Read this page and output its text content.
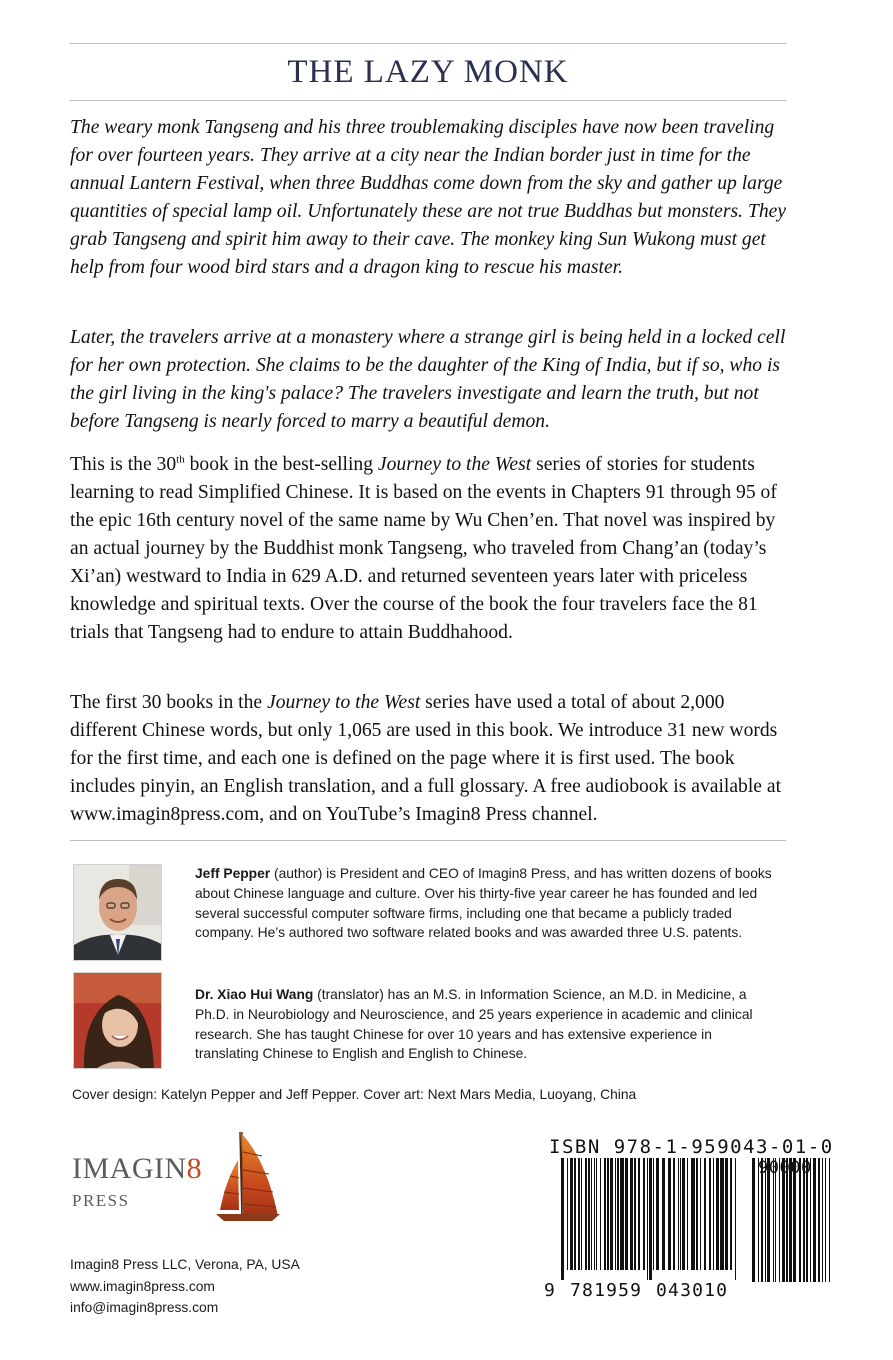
THE LAZY MONK

The weary monk Tangseng and his three troublemaking disciples have now been traveling for over fourteen years. They arrive at a city near the Indian border just in time for the annual Lantern Festival, when three Buddhas come down from the sky and gather up large quantities of special lamp oil. Unfortunately these are not true Buddhas but monsters. They grab Tangseng and spirit him away to their cave. The monkey king Sun Wukong must get help from four wood bird stars and a dragon king to rescue his master.

Later, the travelers arrive at a monastery where a strange girl is being held in a locked cell for her own protection. She claims to be the daughter of the King of India, but if so, who is the girl living in the king's palace? The travelers investigate and learn the truth, but not before Tangseng is nearly forced to marry a beautiful demon.

This is the 30th book in the best-selling Journey to the West series of stories for students learning to read Simplified Chinese. It is based on the events in Chapters 91 through 95 of the epic 16th century novel of the same name by Wu Chen’en. That novel was inspired by an actual journey by the Buddhist monk Tangseng, who traveled from Chang’an (today’s Xi’an) westward to India in 629 A.D. and returned seventeen years later with priceless knowledge and spiritual texts. Over the course of the book the four travelers face the 81 trials that Tangseng had to endure to attain Buddhahood.

The first 30 books in the Journey to the West series have used a total of about 2,000 different Chinese words, but only 1,065 are used in this book. We introduce 31 new words for the first time, and each one is defined on the page where it is first used. The book includes pinyin, an English translation, and a full glossary. A free audiobook is available at www.imagin8press.com, and on YouTube’s Imagin8 Press channel.

Jeff Pepper (author) is President and CEO of Imagin8 Press, and has written dozens of books about Chinese language and culture. Over his thirty-five year career he has founded and led several successful computer software firms, including one that became a publicly traded company. He’s authored two software related books and was awarded three U.S. patents.

Dr. Xiao Hui Wang (translator) has an M.S. in Information Science, an M.D. in Medicine, a Ph.D. in Neurobiology and Neuroscience, and 25 years experience in academic and clinical research. She has taught Chinese for over 10 years and has extensive experience in translating Chinese to English and English to Chinese.

Cover design: Katelyn Pepper and Jeff Pepper. Cover art: Next Mars Media, Luoyang, China

IMAGIN8
PRESS
Imagin8 Press LLC, Verona, PA, USA
www.imagin8press.com
info@imagin8press.com
ISBN 978-1-959043-01-0
9 781959 043010
